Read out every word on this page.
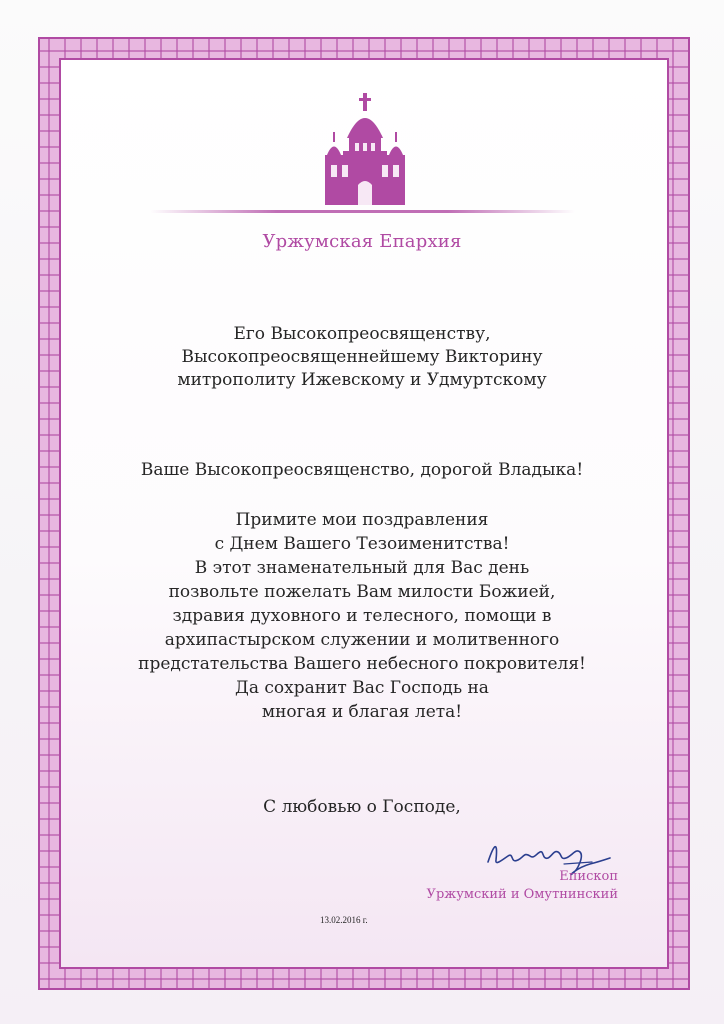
Уржумская Епархия
Его Высокопреосвященству,
Высокопреосвященнейшему Викторину
митрополиту Ижевскому и Удмуртскому
Ваше Высокопреосвященство, дорогой Владыка!
Примите мои поздравления
с Днем Вашего Тезоименитства!
В этот знаменательный для Вас день
позвольте пожелать Вам милости Божией,
здравия духовного и телесного, помощи в
архипастырском служении и молитвенного
предстательства Вашего небесного покровителя!
Да сохранит Вас Господь на
многая и благая лета!
С любовью о Господе,
Епископ
Уржумский и Омутнинский
13.02.2016 г.
